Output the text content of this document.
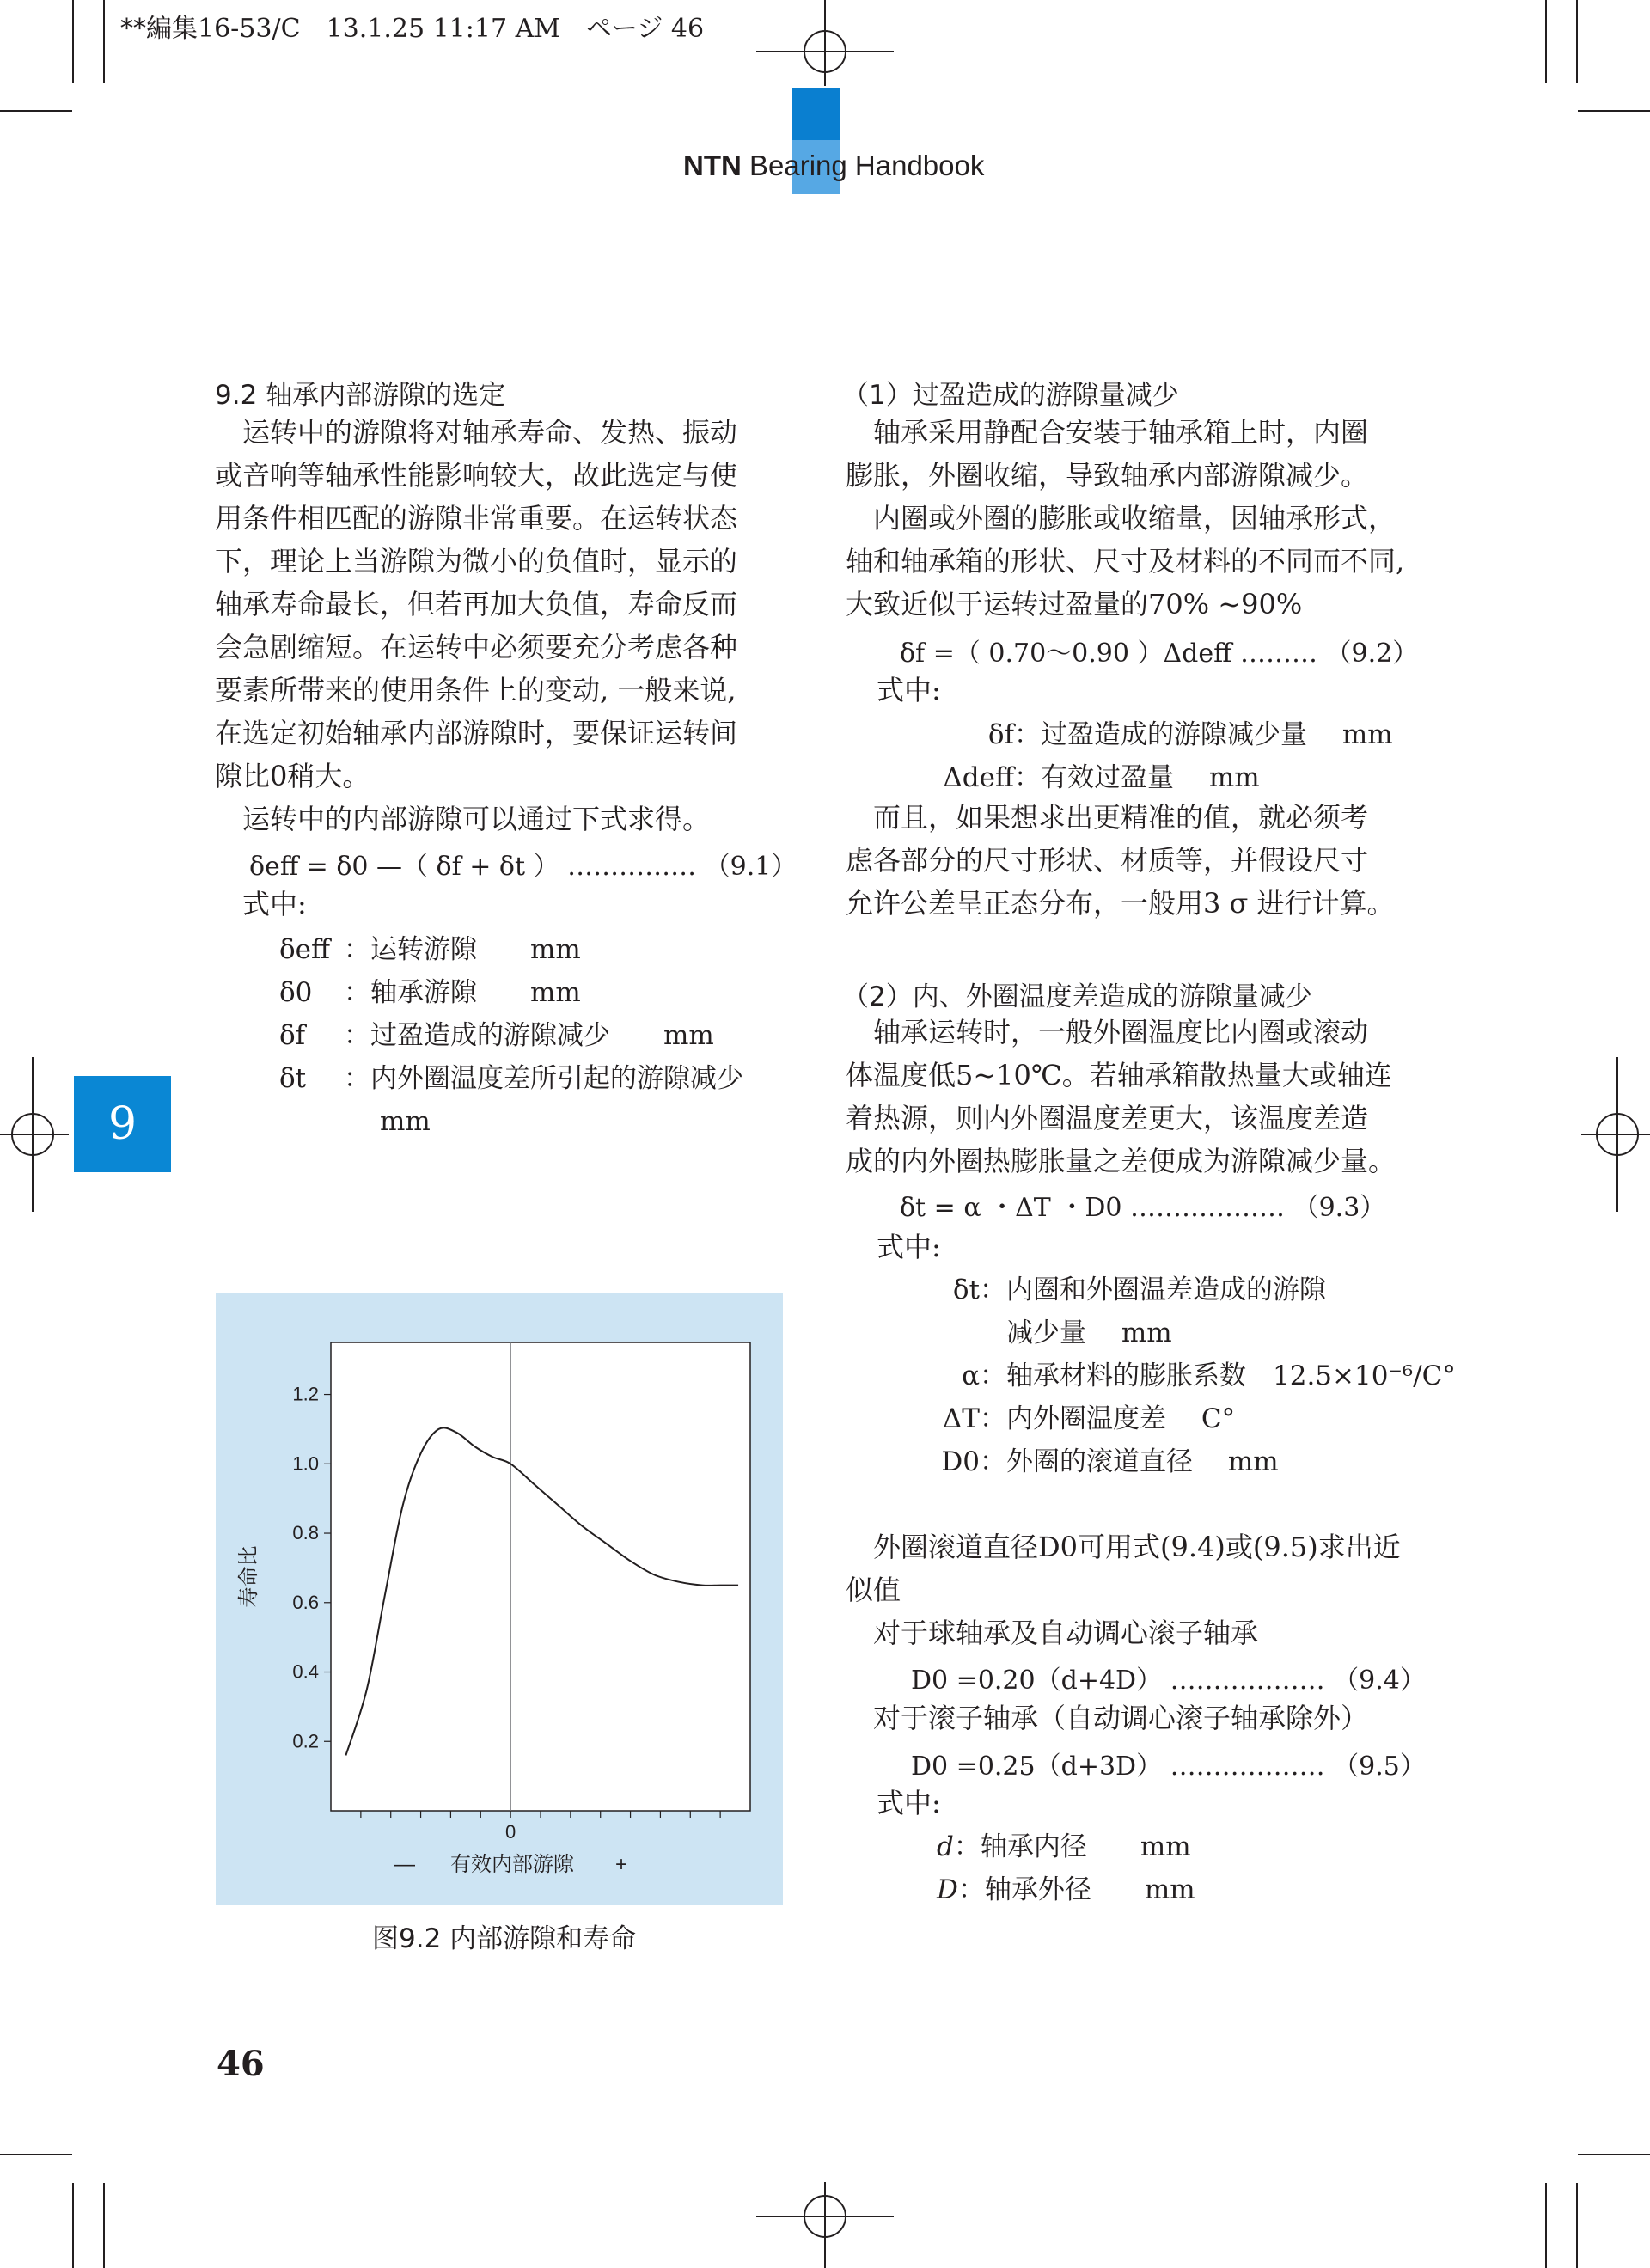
**編集16-53/C　13.1.25 11:17 AM　ページ 46
NTN Bearing Handbook
9
9.2 轴承内部游隙的选定
　运转中的游隙将对轴承寿命、发热、振动
或音响等轴承性能影响较大，故此选定与使
用条件相匹配的游隙非常重要。在运转状态
下，理论上当游隙为微小的负值时，显示的
轴承寿命最长，但若再加大负值，寿命反而
会急剧缩短。在运转中必须要充分考虑各种
要素所带来的使用条件上的变动, 一般来说,
在选定初始轴承内部游隙时，要保证运转间
隙比0稍大。
　运转中的内部游隙可以通过下式求得。
δeff = δ0 —（ δf + δt ） …………… （9.1）
式中:
δeff ：运转游隙　　mm
δ0 ：轴承游隙　　mm
δf ：过盈造成的游隙减少　　mm
δt ：内外圈温度差所引起的游隙减少
mm
0.2
0.4
0.6
0.8
1.0
1.2
0
— 有效内部游隙 +
寿命比
图9.2 内部游隙和寿命
（1）过盈造成的游隙量减少
　轴承采用静配合安装于轴承箱上时，内圈
膨胀，外圈收缩，导致轴承内部游隙减少。
　内圈或外圈的膨胀或收缩量，因轴承形式，
轴和轴承箱的形状、尺寸及材料的不同而不同,
大致近似于运转过盈量的70% ~90%
δf =（ 0.70～0.90 ）Δdeff ……… （9.2）
式中:
δf：过盈造成的游隙减少量　 mm
Δdeff：有效过盈量　 mm
　而且，如果想求出更精准的值，就必须考
虑各部分的尺寸形状、材质等，并假设尺寸
允许公差呈正态分布，一般用3 σ 进行计算。
（2）内、外圈温度差造成的游隙量减少
　轴承运转时，一般外圈温度比内圈或滚动
体温度低5~10℃。若轴承箱散热量大或轴连
着热源，则内外圈温度差更大，该温度差造
成的内外圈热膨胀量之差便成为游隙减少量。
δt = α ・ΔT ・D0 ……………… （9.3）
式中:
δt：内圈和外圈温差造成的游隙
　减少量　 mm
α：轴承材料的膨胀系数　12.5×10⁻⁶/C°
ΔT：内外圈温度差　 C°
D0：外圈的滚道直径　 mm
　外圈滚道直径D0可用式(9.4)或(9.5)求出近
似值
　对于球轴承及自动调心滚子轴承
D0 =0.20（d+4D） ……………… （9.4）
　对于滚子轴承（自动调心滚子轴承除外）
D0 =0.25（d+3D） ……………… （9.5）
式中:
d：轴承内径　　mm
D：轴承外径　　mm
46
